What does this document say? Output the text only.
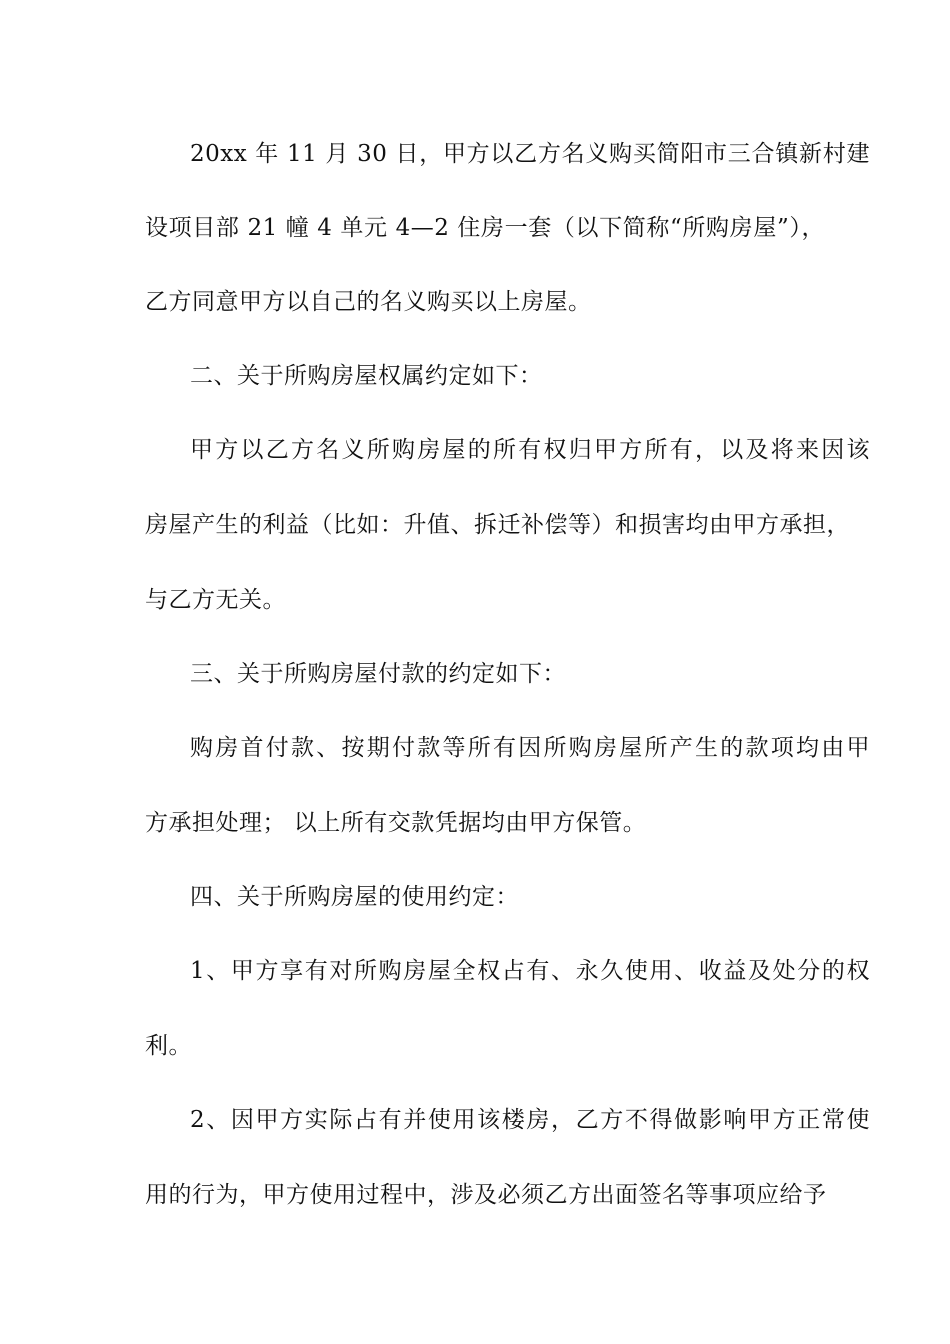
20xx 年 11 月 30 日，甲方以乙方名义购买简阳市三合镇新村建
设项目部 21 幢 4 单元 4—2 住房一套（以下简称“所购房屋”），
乙方同意甲方以自己的名义购买以上房屋。
二、关于所购房屋权属约定如下：
甲方以乙方名义所购房屋的所有权归甲方所有，以及将来因该
房屋产生的利益（比如：升值、拆迁补偿等）和损害均由甲方承担，
与乙方无关。
三、关于所购房屋付款的约定如下：
购房首付款、按期付款等所有因所购房屋所产生的款项均由甲
方承担处理； 以上所有交款凭据均由甲方保管。
四、关于所购房屋的使用约定：
1、甲方享有对所购房屋全权占有、永久使用、收益及处分的权
利。
2、因甲方实际占有并使用该楼房，乙方不得做影响甲方正常使
用的行为，甲方使用过程中，涉及必须乙方出面签名等事项应给予
